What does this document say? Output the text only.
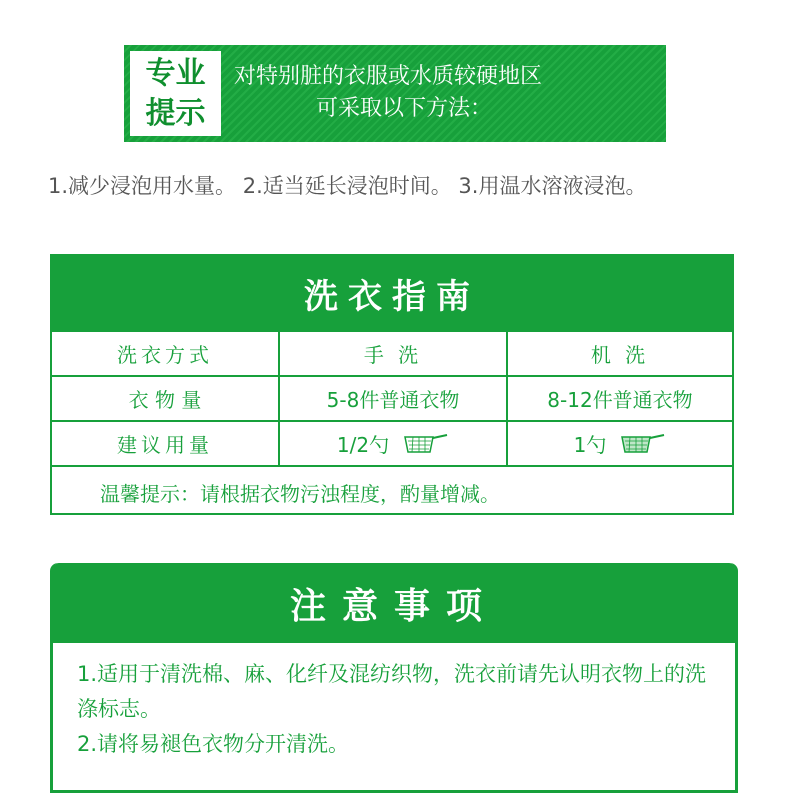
专业
提示
对特别脏的衣服或水质较硬地区
可采取以下方法：
1.减少浸泡用水量。 2.适当延长浸泡时间。 3.用温水溶液浸泡。
洗衣指南
洗衣方式	手 洗	机 洗
衣 物 量	5-8件普通衣物	8-12件普通衣物
建议用量	1/2勺	1勺
温馨提示：请根据衣物污浊程度，酌量增减。
注意事项
1.适用于清洗棉、麻、化纤及混纺织物，洗衣前请先认明衣物上的洗涤标志。
2.请将易褪色衣物分开清洗。
